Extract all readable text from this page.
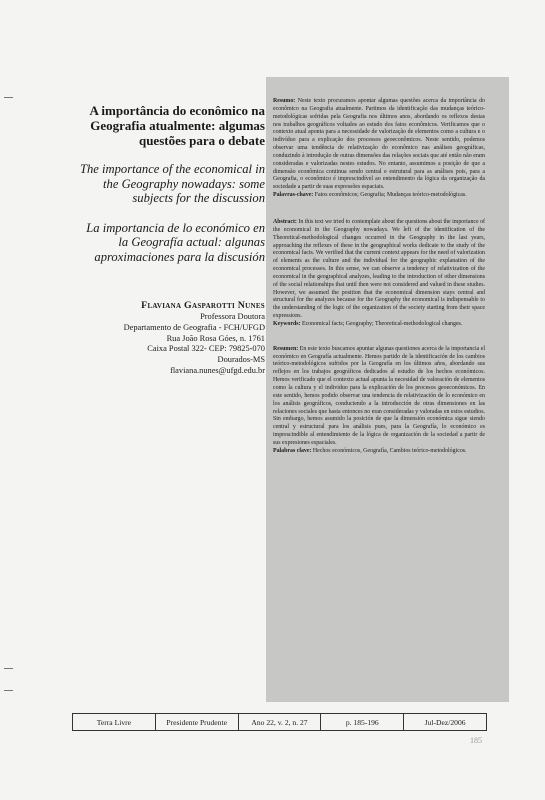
A importância do econômico na Geografia atualmente: algumas questões para o debate

The importance of the economical in the Geography nowadays: some subjects for the discussion

La importancia de lo económico en la Geografía actual: algunas aproximaciones para la discusión

Flaviana Gasparotti Nunes
Professora Doutora
Departamento de Geografia - FCH/UFGD
Rua João Rosa Góes, n. 1761
Caixa Postal 322- CEP: 79825-070
Dourados-MS
flaviana.nunes@ufgd.edu.br

Resumo: Neste texto procuramos apontar algumas questões acerca da importância do econômico na Geografia atualmente. Partimos da identificação das mudanças teórico-metodológicas sofridas pela Geografia nos últimos anos, abordando os reflexos destas nos trabalhos geográficos voltados ao estudo dos fatos econômicos. Verificamos que o contexto atual aponta para a necessidade de valorização de elementos como a cultura e o indivíduo para a explicação dos processos geoeconômicos. Neste sentido, podemos observar uma tendência de relativização do econômico nas análises geográficas, conduzindo à introdução de outras dimensões das relações sociais que até então não eram consideradas e valorizadas nestes estudos. No entanto, assumimos a posição de que a dimensão econômica continua sendo central e estrutural para as análises pois, para a Geografia, o econômico é imprescindível ao entendimento da lógica da organização da sociedade a partir de suas expressões espaciais.
Palavras-chave: Fatos econômicos; Geografia; Mudanças teórico-metodológicas.

Abstract: In this text we tried to contemplate about the questions about the importance of the economical in the Geography nowadays. We left of the identification of the Theoretical-methodological changes occurred in the Geography in the last years, approaching the reflexes of these in the geographical works dedicate to the study of the economical facts. We verified that the current context appears for the need of valorization of elements as the culture and the individual for the geographic explanation of the economical processes. In this sense, we can observe a tendency of relativization of the economical in the geographical analyzes, leading to the introduction of other dimensions of the social relationships that until then were not considered and valued in these studies. However, we assumed the position that the economical dimension stays central and structural for the analyzes because for the Geography the economical is indispensable to the understanding of the logic of the organization of the society starting from their space expressions.
Keywords: Economical facts; Geography; Theoretical-methodological changes.

Resumen: En este texto buscamos apuntar algunas questiones acerca de la importancia el económico en Geografía actualmente. Hemos partido de la identificación de los cambios teórico-metodológicos sufridos por la Geografía en los últimos años, abordando sus reflejos en los trabajos geográficos dedicados al estudio de los hechos económicos. Hemos verificado que el contexto actual apunta la necesidad de valoración de elementos como la cultura y el individuo para la explicación de los procesos geoeconómicos. En este sentido, hemos podido observar una tendencia de relativización de lo económico en los análisis geográficos, conduciendo a la introducción de otras dimensiones en las relaciones sociales que hasta entonces no eran consideradas y valoradas en estos estudios. Sin embargo, hemos asumido la posición de que la dimensión económica sigue siendo central y estructural para los análisis pues, para la Geografía, lo económico es imprescindible al entendimiento de la lógica de organización de la sociedad a partir de sus expresiones espaciales.
Palabras clave: Hechos económicos, Geografía, Cambios teórico-metodológicos.

Terra Livre	Presidente Prudente	Ano 22, v. 2, n. 27	p. 185-196	Jul-Dez/2006
185
